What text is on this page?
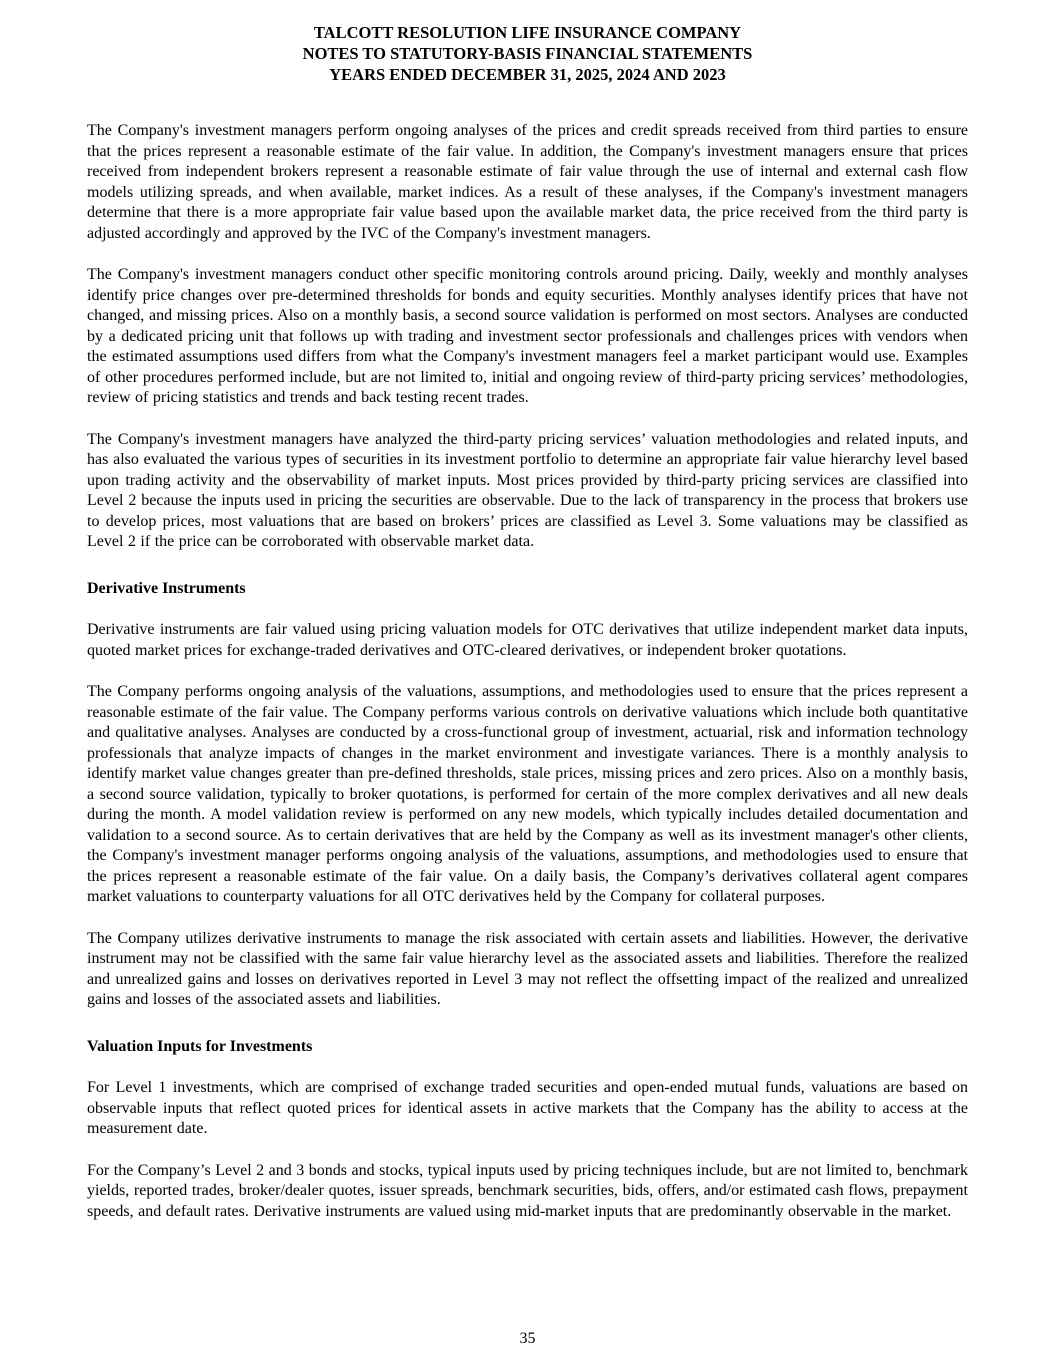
TALCOTT RESOLUTION LIFE INSURANCE COMPANY
NOTES TO STATUTORY-BASIS FINANCIAL STATEMENTS
YEARS ENDED DECEMBER 31, 2025, 2024 AND 2023

The Company's investment managers perform ongoing analyses of the prices and credit spreads received from third parties to ensure that the prices represent a reasonable estimate of the fair value. In addition, the Company's investment managers ensure that prices received from independent brokers represent a reasonable estimate of fair value through the use of internal and external cash flow models utilizing spreads, and when available, market indices. As a result of these analyses, if the Company's investment managers determine that there is a more appropriate fair value based upon the available market data, the price received from the third party is adjusted accordingly and approved by the IVC of the Company's investment managers.

The Company's investment managers conduct other specific monitoring controls around pricing. Daily, weekly and monthly analyses identify price changes over pre-determined thresholds for bonds and equity securities. Monthly analyses identify prices that have not changed, and missing prices. Also on a monthly basis, a second source validation is performed on most sectors. Analyses are conducted by a dedicated pricing unit that follows up with trading and investment sector professionals and challenges prices with vendors when the estimated assumptions used differs from what the Company's investment managers feel a market participant would use. Examples of other procedures performed include, but are not limited to, initial and ongoing review of third-party pricing services’ methodologies, review of pricing statistics and trends and back testing recent trades.

The Company's investment managers have analyzed the third-party pricing services’ valuation methodologies and related inputs, and has also evaluated the various types of securities in its investment portfolio to determine an appropriate fair value hierarchy level based upon trading activity and the observability of market inputs. Most prices provided by third-party pricing services are classified into Level 2 because the inputs used in pricing the securities are observable. Due to the lack of transparency in the process that brokers use to develop prices, most valuations that are based on brokers’ prices are classified as Level 3. Some valuations may be classified as Level 2 if the price can be corroborated with observable market data.

Derivative Instruments

Derivative instruments are fair valued using pricing valuation models for OTC derivatives that utilize independent market data inputs, quoted market prices for exchange-traded derivatives and OTC-cleared derivatives, or independent broker quotations.

The Company performs ongoing analysis of the valuations, assumptions, and methodologies used to ensure that the prices represent a reasonable estimate of the fair value. The Company performs various controls on derivative valuations which include both quantitative and qualitative analyses. Analyses are conducted by a cross-functional group of investment, actuarial, risk and information technology professionals that analyze impacts of changes in the market environment and investigate variances. There is a monthly analysis to identify market value changes greater than pre-defined thresholds, stale prices, missing prices and zero prices. Also on a monthly basis, a second source validation, typically to broker quotations, is performed for certain of the more complex derivatives and all new deals during the month. A model validation review is performed on any new models, which typically includes detailed documentation and validation to a second source. As to certain derivatives that are held by the Company as well as its investment manager's other clients, the Company's investment manager performs ongoing analysis of the valuations, assumptions, and methodologies used to ensure that the prices represent a reasonable estimate of the fair value. On a daily basis, the Company’s derivatives collateral agent compares market valuations to counterparty valuations for all OTC derivatives held by the Company for collateral purposes.

The Company utilizes derivative instruments to manage the risk associated with certain assets and liabilities. However, the derivative instrument may not be classified with the same fair value hierarchy level as the associated assets and liabilities. Therefore the realized and unrealized gains and losses on derivatives reported in Level 3 may not reflect the offsetting impact of the realized and unrealized gains and losses of the associated assets and liabilities.

Valuation Inputs for Investments

For Level 1 investments, which are comprised of exchange traded securities and open-ended mutual funds, valuations are based on observable inputs that reflect quoted prices for identical assets in active markets that the Company has the ability to access at the measurement date.

For the Company’s Level 2 and 3 bonds and stocks, typical inputs used by pricing techniques include, but are not limited to, benchmark yields, reported trades, broker/dealer quotes, issuer spreads, benchmark securities, bids, offers, and/or estimated cash flows, prepayment speeds, and default rates. Derivative instruments are valued using mid-market inputs that are predominantly observable in the market.

35
